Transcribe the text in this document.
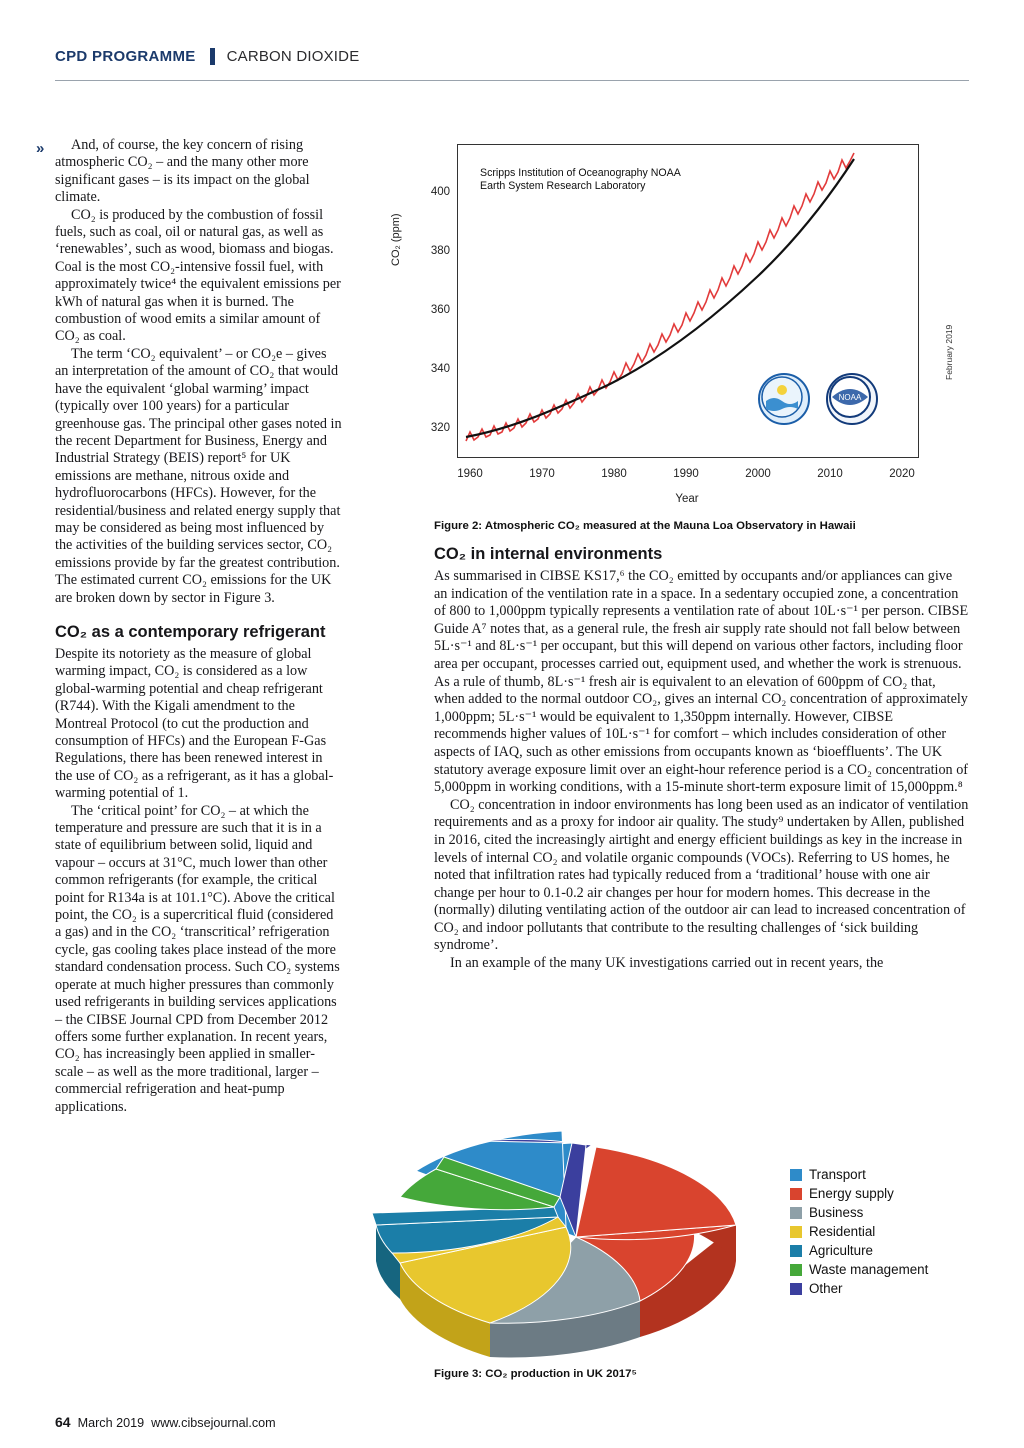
CPD PROGRAMME CARBON DIOXIDE
»	And, of course, the key concern of rising atmospheric CO₂ – and the many other more significant gases – is its impact on the global climate.

CO₂ is produced by the combustion of fossil fuels, such as coal, oil or natural gas, as well as ‘renewables’, such as wood, biomass and biogas. Coal is the most CO₂-intensive fossil fuel, with approximately twice⁴ the equivalent emissions per kWh of natural gas when it is burned. The combustion of wood emits a similar amount of CO₂ as coal.

The term ‘CO₂ equivalent’ – or CO₂e – gives an interpretation of the amount of CO₂ that would have the equivalent ‘global warming’ impact (typically over 100 years) for a particular greenhouse gas. The principal other gases noted in the recent Department for Business, Energy and Industrial Strategy (BEIS) report⁵ for UK emissions are methane, nitrous oxide and hydrofluorocarbons (HFCs). However, for the residential/business and related energy supply that may be considered as being most influenced by the activities of the building services sector, CO₂ emissions provide by far the greatest contribution. The estimated current CO₂ emissions for the UK are broken down by sector in Figure 3.

CO₂ as a contemporary refrigerant

Despite its notoriety as the measure of global warming impact, CO₂ is considered as a low global-warming potential and cheap refrigerant (R744). With the Kigali amendment to the Montreal Protocol (to cut the production and consumption of HFCs) and the European F-Gas Regulations, there has been renewed interest in the use of CO₂ as a refrigerant, as it has a global-warming potential of 1.

The ‘critical point’ for CO₂ – at which the temperature and pressure are such that it is in a state of equilibrium between solid, liquid and vapour – occurs at 31°C, much lower than other common refrigerants (for example, the critical point for R134a is at 101.1°C). Above the critical point, the CO₂ is a supercritical fluid (considered a gas) and in the CO₂ ‘transcritical’ refrigeration cycle, gas cooling takes place instead of the more standard condensation process. Such CO₂ systems operate at much higher pressures than commonly used refrigerants in building services applications – the CIBSE Journal CPD from December 2012 offers some further explanation. In recent years, CO₂ has increasingly been applied in smaller-scale – as well as the more traditional, larger – commercial refrigeration and heat-pump applications.

CO₂ (ppm)
400
380
360
340
320
Scripps Institution of Oceanography NOAA
Earth System Research Laboratory
NOAA
1960	1970	1980	1990	2000	2010	2020
Year
February 2019
Figure 2: Atmospheric CO₂ measured at the Mauna Loa Observatory in Hawaii
CO₂ in internal environments

As summarised in CIBSE KS17,⁶ the CO₂ emitted by occupants and/or appliances can give an indication of the ventilation rate in a space. In a sedentary occupied zone, a concentration of 800 to 1,000ppm typically represents a ventilation rate of about 10L·s⁻¹ per person. CIBSE Guide A⁷ notes that, as a general rule, the fresh air supply rate should not fall below between 5L·s⁻¹ and 8L·s⁻¹ per occupant, but this will depend on various other factors, including floor area per occupant, processes carried out, equipment used, and whether the work is strenuous. As a rule of thumb, 8L·s⁻¹ fresh air is equivalent to an elevation of 600ppm of CO₂ that, when added to the normal outdoor CO₂, gives an internal CO₂ concentration of approximately 1,000ppm; 5L·s⁻¹ would be equivalent to 1,350ppm internally. However, CIBSE recommends higher values of 10L·s⁻¹ for comfort – which includes consideration of other aspects of IAQ, such as other emissions from occupants known as ‘bioeffluents’. The UK statutory average exposure limit over an eight-hour reference period is a CO₂ concentration of 5,000ppm in working conditions, with a 15-minute short-term exposure limit of 15,000ppm.⁸

CO₂ concentration in indoor environments has long been used as an indicator of ventilation requirements and as a proxy for indoor air quality. The study⁹ undertaken by Allen, published in 2016, cited the increasingly airtight and energy efficient buildings as key in the increase in levels of internal CO₂ and volatile organic compounds (VOCs). Referring to US homes, he noted that infiltration rates had typically reduced from a ‘traditional’ house with one air change per hour to 0.1-0.2 air changes per hour for modern homes. This decrease in the (normally) diluting ventilating action of the outdoor air can lead to increased concentration of CO₂ and indoor pollutants that contribute to the resulting challenges of ‘sick building syndrome’.

In an example of the many UK investigations carried out in recent years, the

Transport
Energy supply
Business
Residential
Agriculture
Waste management
Other
Figure 3: CO₂ production in UK 2017⁵
64 March 2019 www.cibsejournal.com
